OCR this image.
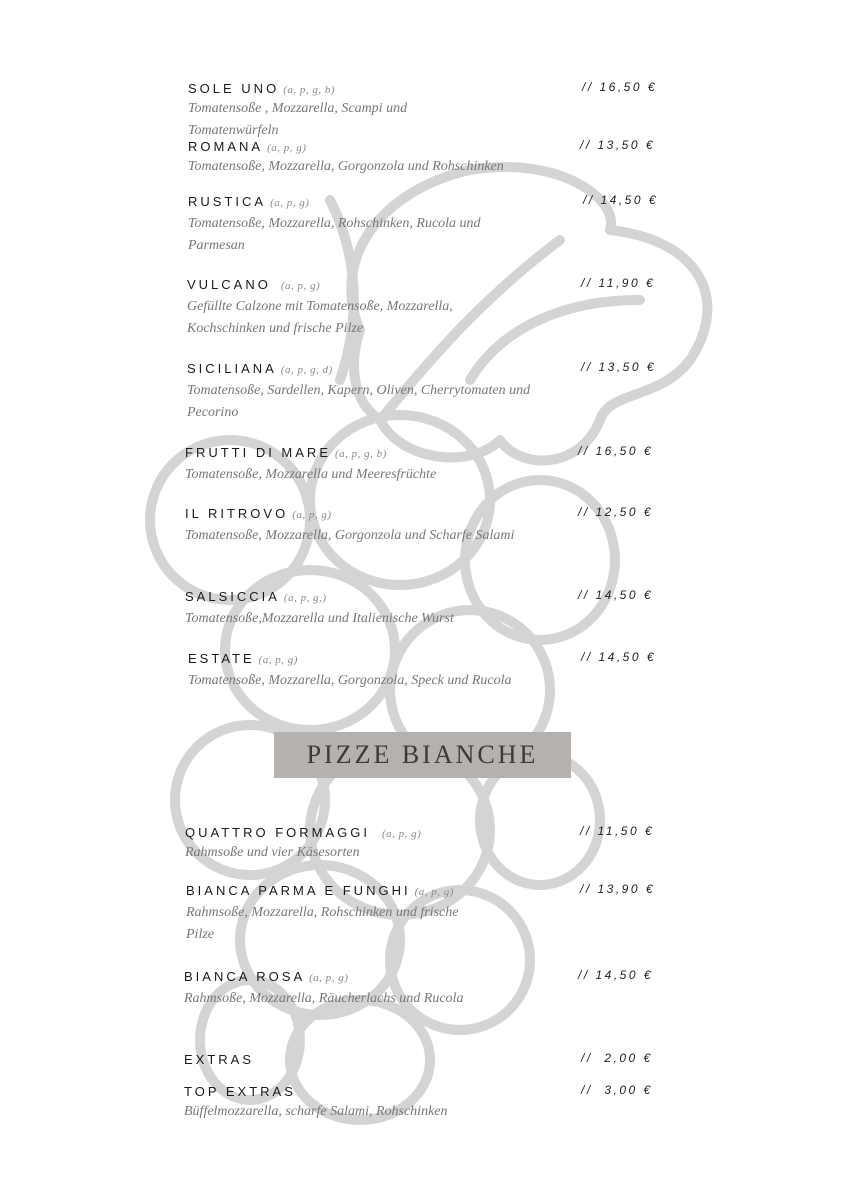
SOLE UNO (a, p, g, b)
Tomatensoße , Mozzarella, Scampi und Tomatenwürfeln
// 16,50 €
ROMANA (a, p, g)
Tomatensoße, Mozzarella, Gorgonzola und Rohschinken
// 13,50 €
RUSTICA (a, p, g)
Tomatensoße, Mozzarella, Rohschinken, Rucola und Parmesan
// 14,50 €
VULCANO (a, p, g)
Gefüllte Calzone mit Tomatensoße, Mozzarella, Kochschinken und frische Pilze
// 11,90 €
SICILIANA (a, p, g, d)
Tomatensoße, Sardellen, Kapern, Oliven, Cherrytomaten und Pecorino
// 13,50 €
FRUTTI DI MARE (a, p, g, b)
Tomatensoße, Mozzarella und Meeresfrüchte
// 16,50 €
IL RITROVO (a, p, g)
Tomatensoße, Mozzarella, Gorgonzola und Scharfe Salami
// 12,50 €
SALSICCIA (a, p, g,)
Tomatensoße,Mozzarella und Italienische Wurst
// 14,50 €
ESTATE (a, p, g)
Tomatensoße, Mozzarella, Gorgonzola, Speck und Rucola
// 14,50 €
PIZZE BIANCHE
QUATTRO FORMAGGI (a, p, g)
Rahmsoße und vier Käsesorten
// 11,50 €
BIANCA PARMA E FUNGHI (a, p, g)
Rahmsoße, Mozzarella, Rohschinken und frische Pilze
// 13,90 €
BIANCA ROSA (a, p, g)
Rahmsoße, Mozzarella, Räucherlachs und Rucola
// 14,50 €
EXTRAS	//  2,00 €
TOP EXTRAS
Büffelmozzarella, scharfe Salami, Rohschinken
//  3,00 €
